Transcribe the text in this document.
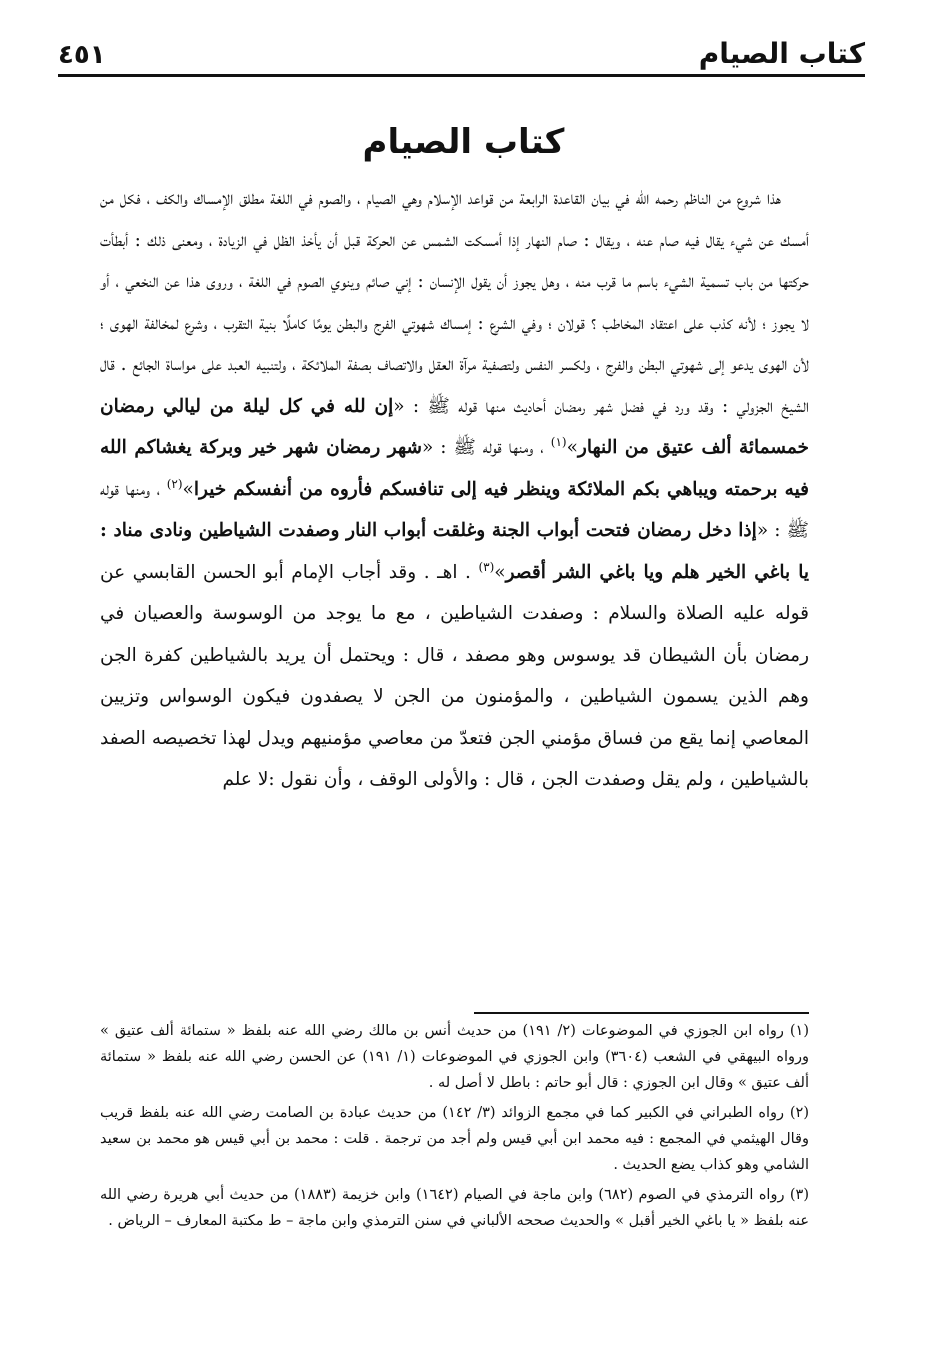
كتاب الصيام
٤٥١
كتاب الصيام

هذا شروع من الناظم رحمه الله في بيان القاعدة الرابعة من قواعد الإسلام وهي الصيام ، والصوم في اللغة مطلق الإمساك والكف ، فكل من أمسك عن شيء يقال فيه صام عنه ، ويقال : صام النهار إذا أمسكت الشمس عن الحركة قبل أن يأخذ الظل في الزيادة ، ومعنى ذلك : أبطأت حركتها من باب تسمية الشيء باسم ما قرب منه ، وهل يجوز أن يقول الإنسان : إني صائم وينوي الصوم في اللغة ، وروى هذا عن النخعي ، أو لا يجوز ؛ لأنه كذب على اعتقاد المخاطب ؟ قولان ؛ وفي الشرع : إمساك شهوتي الفرج والبطن يومًا كاملًا بنية التقرب ، وشرع لمخالفة الهوى ؛ لأن الهوى يدعو إلى شهوتي البطن والفرج ، ولكسر النفس ولتصفية مرآة العقل والاتصاف بصفة الملائكة ، ولتنبيه العبد على مواساة الجائع . قال الشيخ الجزولي : وقد ورد في فضل شهر رمضان أحاديث منها قوله ﷺ : «إن لله في كل ليلة من ليالي رمضان خمسمائة ألف عتيق من النهار»$^{(١)}$ ، ومنها قوله ﷺ : «شهر رمضان شهر خير وبركة يغشاكم الله فيه برحمته ويباهي بكم الملائكة وينظر فيه إلى تنافسكم فأروه من أنفسكم خيرا»$^{(٢)}$ ، ومنها قوله ﷺ : «إذا دخل رمضان فتحت أبواب الجنة وغلقت أبواب النار وصفدت الشياطين ونادى مناد : يا باغي الخير هلم ويا باغي الشر أقصر»$^{(٣)}$ . اهـ . وقد أجاب الإمام أبو الحسن القابسي عن قوله عليه الصلاة والسلام : وصفدت الشياطين ، مع ما يوجد من الوسوسة والعصيان في رمضان بأن الشيطان قد يوسوس وهو مصفد ، قال : ويحتمل أن يريد بالشياطين كفرة الجن وهم الذين يسمون الشياطين ، والمؤمنون من الجن لا يصفدون فيكون الوسواس وتزيين المعاصي إنما يقع من فساق مؤمني الجن فتعدّ من معاصي مؤمنيهم ويدل لهذا تخصيصه الصفد بالشياطين ، ولم يقل وصفدت الجن ، قال : والأولى الوقف ، وأن نقول :لا علم

(١) رواه ابن الجوزي في الموضوعات (٢/ ١٩١) من حديث أنس بن مالك رضي الله عنه بلفظ « ستمائة ألف عتيق » ورواه البيهقي في الشعب (٣٦٠٤) وابن الجوزي في الموضوعات (١/ ١٩١) عن الحسن رضي الله عنه بلفظ « ستمائة ألف عتيق » وقال ابن الجوزي : قال أبو حاتم : باطل لا أصل له .

(٢) رواه الطبراني في الكبير كما في مجمع الزوائد (٣/ ١٤٢) من حديث عبادة بن الصامت رضي الله عنه بلفظ قريب وقال الهيثمي في المجمع : فيه محمد ابن أبي قيس ولم أجد من ترجمة . قلت : محمد بن أبي قيس هو محمد بن سعيد الشامي وهو كذاب يضع الحديث .

(٣) رواه الترمذي في الصوم (٦٨٢) وابن ماجة في الصيام (١٦٤٢) وابن خزيمة (١٨٨٣) من حديث أبي هريرة رضي الله عنه بلفظ « يا باغي الخير أقبل » والحديث صححه الألباني في سنن الترمذي وابن ماجة – ط مكتبة المعارف – الرياض .
